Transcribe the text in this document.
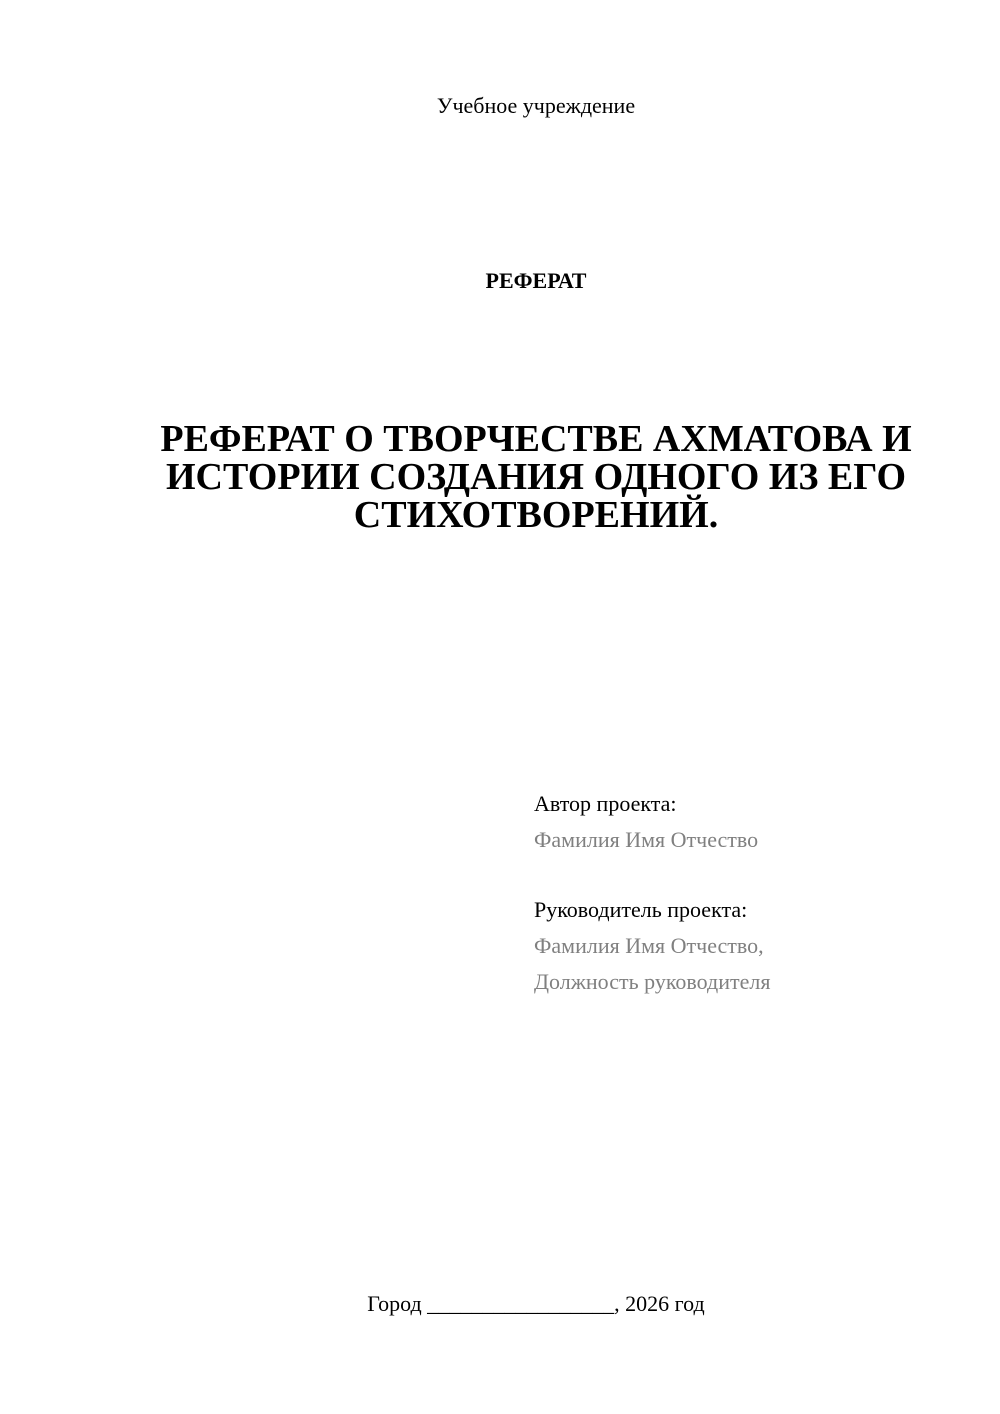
Учебное учреждение
РЕФЕРАТ
РЕФЕРАТ О ТВОРЧЕСТВЕ АХМАТОВА И
ИСТОРИИ СОЗДАНИЯ ОДНОГО ИЗ ЕГО
СТИХОТВОРЕНИЙ.
Автор проекта:
Фамилия Имя Отчество
Руководитель проекта:
Фамилия Имя Отчество,
Должность руководителя
Город _________________, 2026 год
